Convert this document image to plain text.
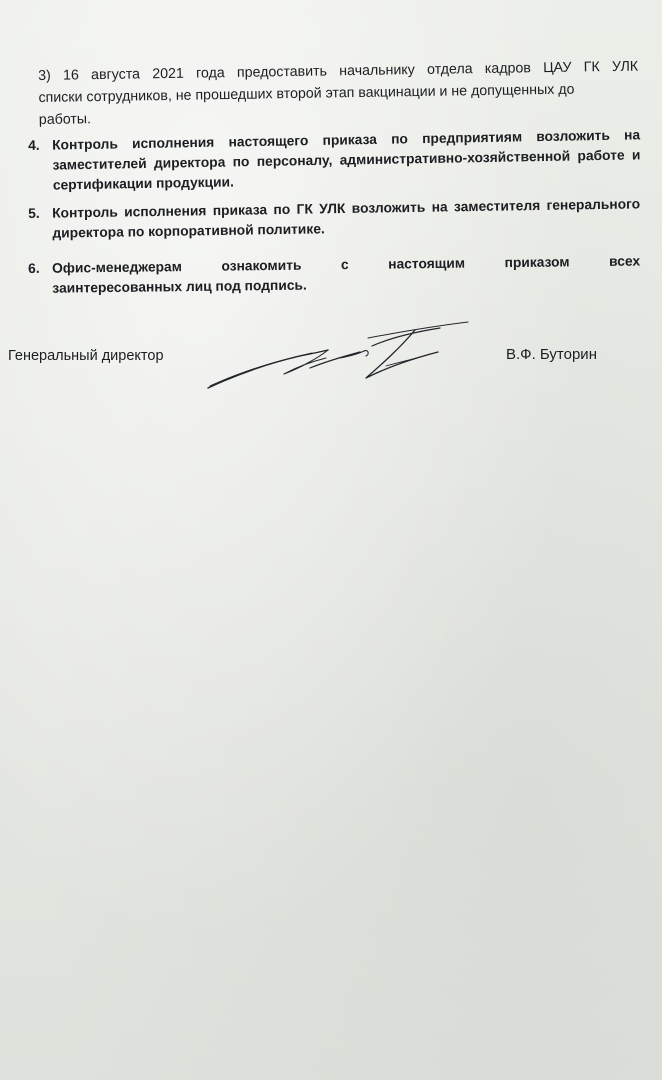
3) 16 августа 2021 года предоставить начальнику отдела кадров ЦАУ ГК УЛК
списки сотрудников, не прошедших второй этап вакцинации и не допущенных до
работы.
4. Контроль исполнения настоящего приказа по предприятиям возложить на заместителей директора по персоналу, административно-хозяйственной работе и сертификации продукции.
5. Контроль исполнения приказа по ГК УЛК возложить на заместителя генерального директора по корпоративной политике.
6. Офис-менеджерам ознакомить с настоящим приказом всех
заинтересованных лиц под подпись.
Генеральный директор	В.Ф. Буторин
